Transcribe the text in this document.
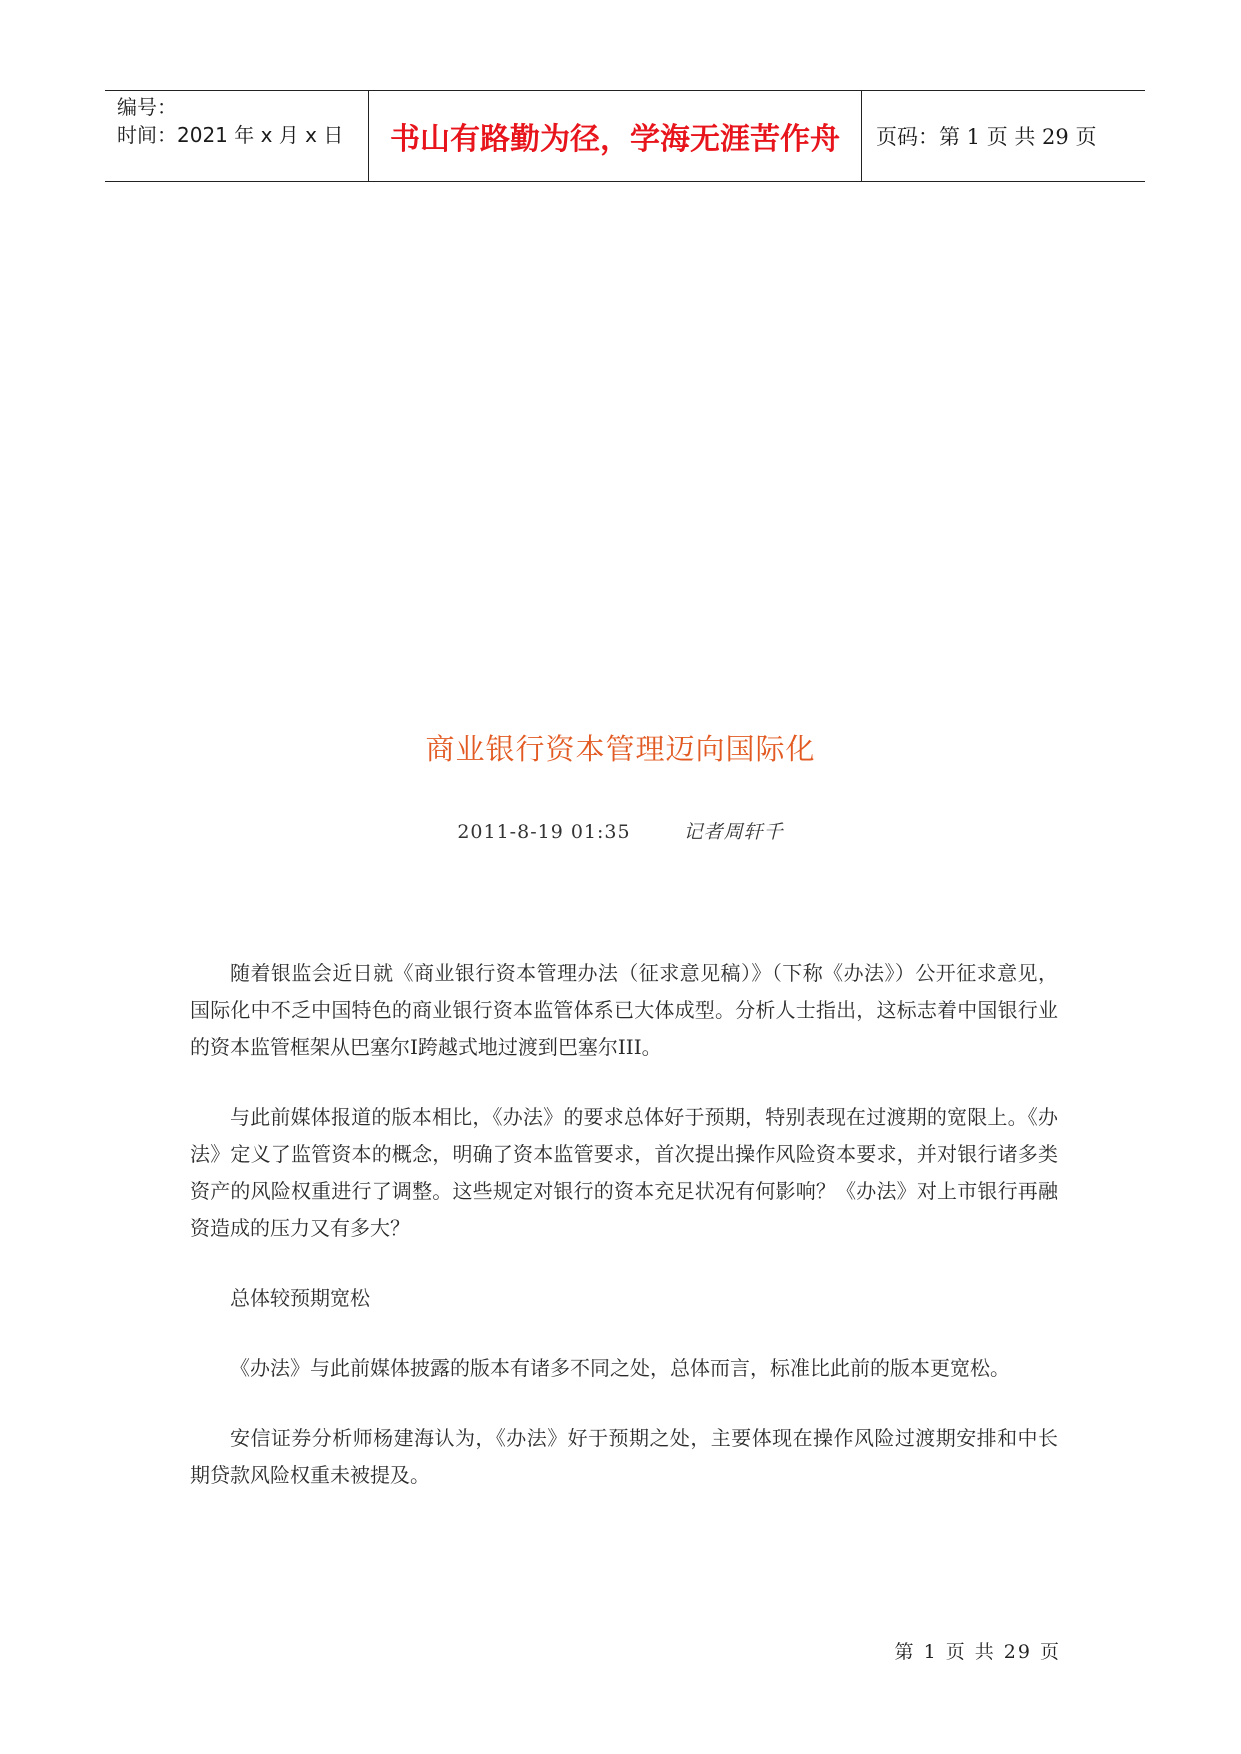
编号：
时间：2021 年 x 月 x 日	书山有路勤为径，学海无涯苦作舟	页码：第 1 页 共 29 页
商业银行资本管理迈向国际化
2011-8-19 01:35	记者周轩千

随着银监会近日就《商业银行资本管理办法（征求意见稿）》（下称《办法》）公开征求意见，国际化中不乏中国特色的商业银行资本监管体系已大体成型。分析人士指出，这标志着中国银行业的资本监管框架从巴塞尔Ⅰ跨越式地过渡到巴塞尔III。

与此前媒体报道的版本相比，《办法》的要求总体好于预期，特别表现在过渡期的宽限上。《办法》定义了监管资本的概念，明确了资本监管要求，首次提出操作风险资本要求，并对银行诸多类资产的风险权重进行了调整。这些规定对银行的资本充足状况有何影响？《办法》对上市银行再融资造成的压力又有多大？

总体较预期宽松

《办法》与此前媒体披露的版本有诸多不同之处，总体而言，标准比此前的版本更宽松。

安信证券分析师杨建海认为，《办法》好于预期之处，主要体现在操作风险过渡期安排和中长期贷款风险权重未被提及。

第 1 页 共 29 页
